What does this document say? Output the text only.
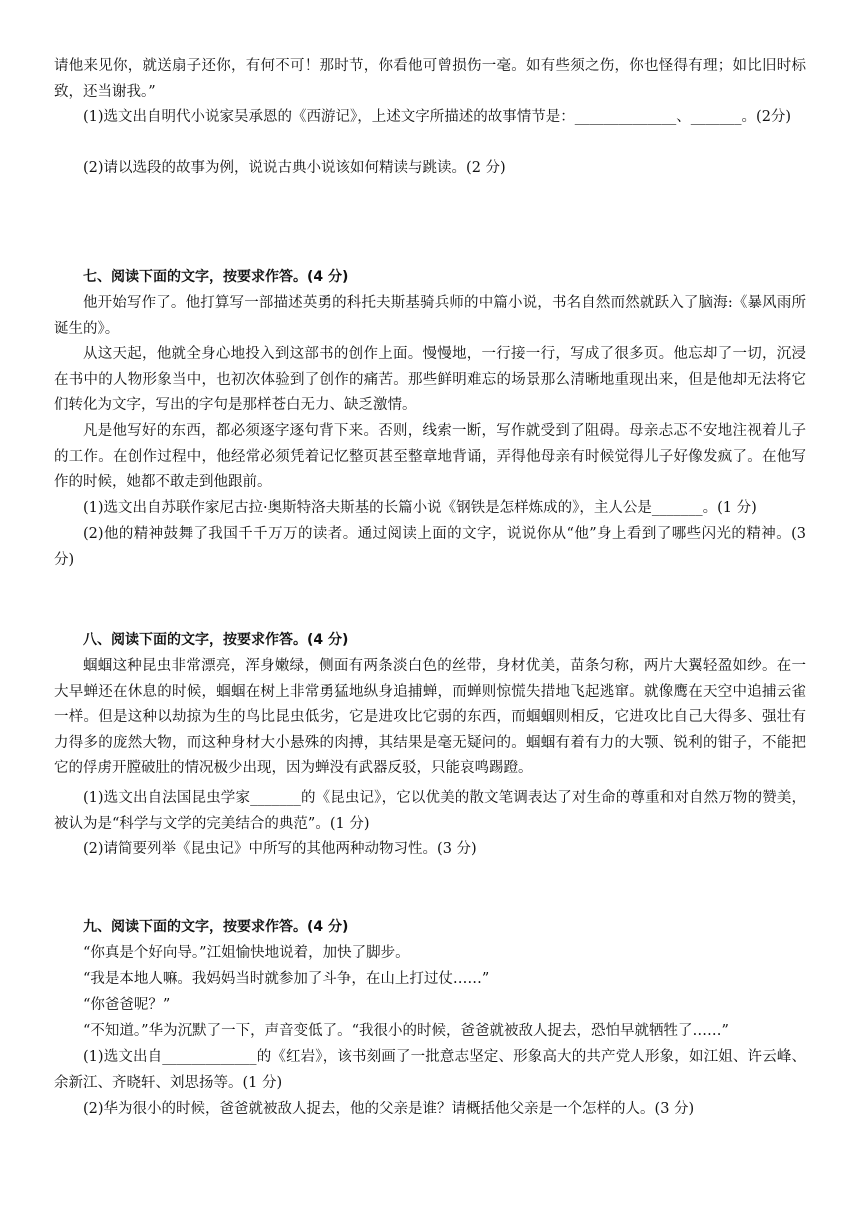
请他来见你，就送扇子还你，有何不可！那时节，你看他可曾损伤一毫。如有些须之伤，你也怪得有理；如比旧时标致，还当谢我。”

(1)选文出自明代小说家吴承恩的《西游记》，上述文字所描述的故事情节是：______________、_______。(2分)

(2)请以选段的故事为例，说说古典小说该如何精读与跳读。(2 分)

七、阅读下面的文字，按要求作答。(4 分)

他开始写作了。他打算写一部描述英勇的科托夫斯基骑兵师的中篇小说，书名自然而然就跃入了脑海:《暴风雨所诞生的》。

从这天起，他就全身心地投入到这部书的创作上面。慢慢地，一行接一行，写成了很多页。他忘却了一切，沉浸在书中的人物形象当中，也初次体验到了创作的痛苦。那些鲜明难忘的场景那么清晰地重现出来，但是他却无法将它们转化为文字，写出的字句是那样苍白无力、缺乏激情。

凡是他写好的东西，都必须逐字逐句背下来。否则，线索一断，写作就受到了阻碍。母亲忐忑不安地注视着儿子的工作。在创作过程中，他经常必须凭着记忆整页甚至整章地背诵，弄得他母亲有时候觉得儿子好像发疯了。在他写作的时候，她都不敢走到他跟前。

(1)选文出自苏联作家尼古拉·奥斯特洛夫斯基的长篇小说《钢铁是怎样炼成的》，主人公是_______。(1 分)

(2)他的精神鼓舞了我国千千万万的读者。通过阅读上面的文字，说说你从“他”身上看到了哪些闪光的精神。(3 分)

八、阅读下面的文字，按要求作答。(4 分)

蝈蝈这种昆虫非常漂亮，浑身嫩绿，侧面有两条淡白色的丝带，身材优美，苗条匀称，两片大翼轻盈如纱。在一大早蝉还在休息的时候，蝈蝈在树上非常勇猛地纵身追捕蝉，而蝉则惊慌失措地飞起逃窜。就像鹰在天空中追捕云雀一样。但是这种以劫掠为生的鸟比昆虫低劣，它是进攻比它弱的东西，而蝈蝈则相反，它进攻比自己大得多、强壮有力得多的庞然大物，而这种身材大小悬殊的肉搏，其结果是毫无疑问的。蝈蝈有着有力的大颚、锐利的钳子，不能把它的俘虏开膛破肚的情况极少出现，因为蝉没有武器反驳，只能哀鸣踢蹬。

(1)选文出自法国昆虫学家_______的《昆虫记》，它以优美的散文笔调表达了对生命的尊重和对自然万物的赞美，被认为是“科学与文学的完美结合的典范”。(1 分)

(2)请简要列举《昆虫记》中所写的其他两种动物习性。(3 分)

九、阅读下面的文字，按要求作答。(4 分)

“你真是个好向导。”江姐愉快地说着，加快了脚步。

“我是本地人嘛。我妈妈当时就参加了斗争，在山上打过仗……”

“你爸爸呢？”

“不知道。”华为沉默了一下，声音变低了。“我很小的时候，爸爸就被敌人捉去，恐怕早就牺牲了……”

(1)选文出自_____________的《红岩》，该书刻画了一批意志坚定、形象高大的共产党人形象，如江姐、许云峰、余新江、齐晓轩、刘思扬等。(1 分)

(2)华为很小的时候，爸爸就被敌人捉去，他的父亲是谁？请概括他父亲是一个怎样的人。(3 分)
